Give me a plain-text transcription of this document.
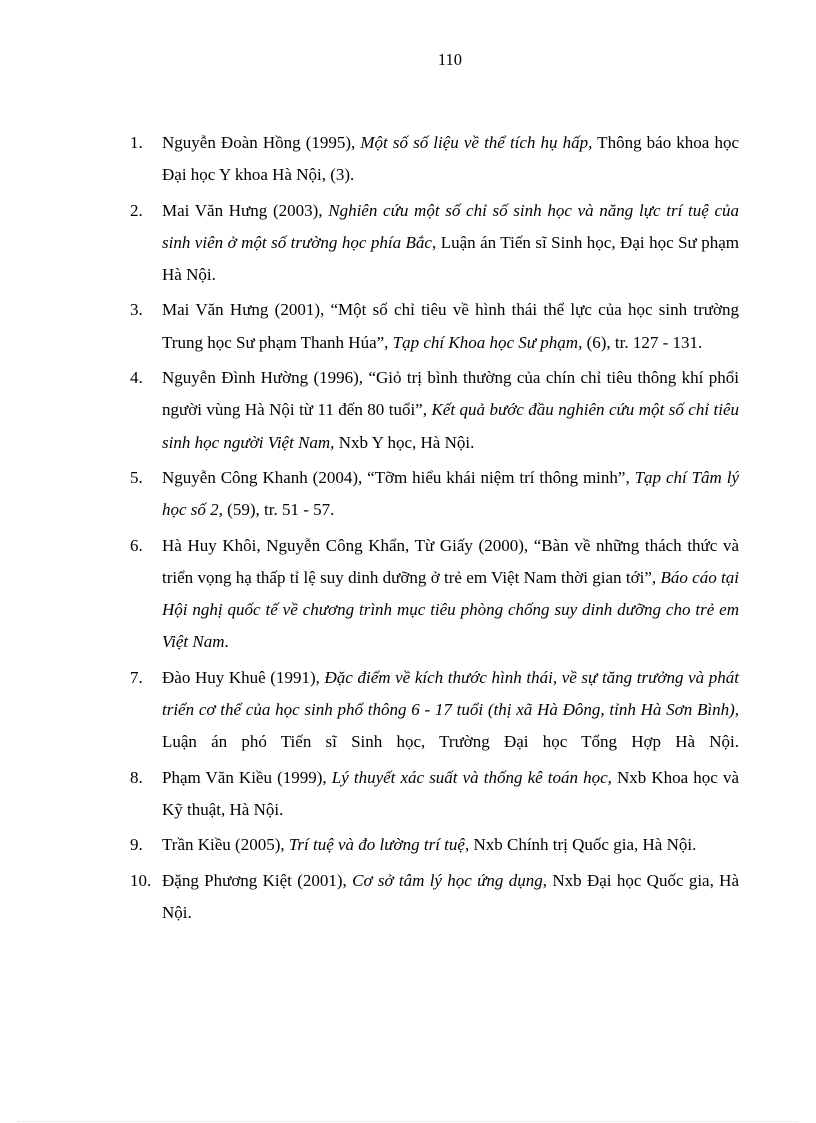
110
1. Nguyễn Đoàn Hồng (1995), Một số số liệu về thể tích hụ hấp, Thông báo khoa học Đại học Y khoa Hà Nội, (3).
2. Mai Văn Hưng (2003), Nghiên cứu một số chỉ số sinh học và năng lực trí tuệ của sinh viên ở một số trường học phía Bắc, Luận án Tiến sĩ Sinh học, Đại học Sư phạm Hà Nội.
3. Mai Văn Hưng (2001), “Một số chỉ tiêu về hình thái thể lực của học sinh trường Trung học Sư phạm Thanh Húa”, Tạp chí Khoa học Sư phạm, (6), tr. 127 - 131.
4. Nguyễn Đình Hường (1996), “Giỏ trị bình thường của chín chỉ tiêu thông khí phổi người vùng Hà Nội từ 11 đến 80 tuổi”, Kết quả bước đầu nghiên cứu một số chỉ tiêu sinh học người Việt Nam, Nxb Y học, Hà Nội.
5. Nguyễn Công Khanh (2004), “Tỡm hiểu khái niệm trí thông minh”, Tạp chí Tâm lý học số 2, (59), tr. 51 - 57.
6. Hà Huy Khôi, Nguyễn Công Khẩn, Từ Giấy (2000), “Bàn về những thách thức và triển vọng hạ thấp tỉ lệ suy dinh dưỡng ở trẻ em Việt Nam thời gian tới”, Báo cáo tại Hội nghị quốc tế về chương trình mục tiêu phòng chống suy dinh dưỡng cho trẻ em Việt Nam.
7. Đào Huy Khuê (1991), Đặc điểm về kích thước hình thái, về sự tăng trưởng và phát triển cơ thể của học sinh phổ thông 6 - 17 tuổi (thị xã Hà Đông, tỉnh Hà Sơn Bình), Luận án phó Tiến sĩ Sinh học, Trường Đại học Tổng Hợp Hà Nội.
8. Phạm Văn Kiều (1999), Lý thuyết xác suất và thống kê toán học, Nxb Khoa học và Kỹ thuật, Hà Nội.
9. Trần Kiều (2005), Trí tuệ và đo lường trí tuệ, Nxb Chính trị Quốc gia, Hà Nội.
10. Đặng Phương Kiệt (2001), Cơ sở tâm lý học ứng dụng, Nxb Đại học Quốc gia, Hà Nội.
